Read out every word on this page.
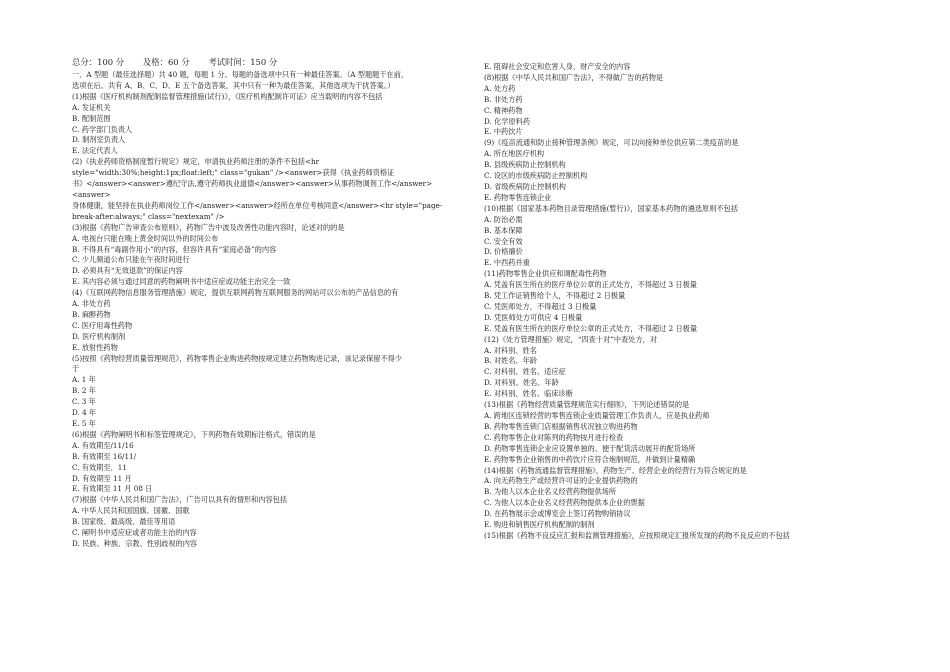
总分：100 分 及格：60 分 考试时间：150 分
一、A 型题（最佳选择题）共 40 题，每题 1 分。每题的备选项中只有一种最佳答案。（A 型题题干在前，
选项在后。共有 A、B、C、D、E 五个备选答案，其中只有一种为最佳答案，其他选项为干扰答案。）
(1)根据《医疗机构制剂配制监督管理措施(试行)》，《医疗机构配制许可证》应当载明的内容不包括
A. 发证机关
B. 配制范围
C. 药学部门负责人
D. 制剂室负责人
E. 法定代表人
(2)《执业药师资格制度暂行规定》规定，申请执业药师注册的条件不包括<hr
style="width:30%;height:1px;float:left;" class="gukan" /><answer>获得《执业药师资格证
书》</answer><answer>遵纪守法,遵守药师执业道德</answer><answer>从事药物调剂工作</answer><answer>
身体健康，能坚持在执业药师岗位工作</answer><answer>经所在单位考核同意</answer><hr style="page-
break-after:always;" class="nextexam" />
(3)根据《药物广告审查公布原则》，药物广告中波及改善性功能内容时，论述对的的是
A. 电视台只能在晚上黄金时间以外的时间公布
B. 不得具有“毒副作用小”的内容，但容许具有“家庭必备”的内容
C. 少儿频道公布只能在午夜时间进行
D. 必须具有“无效退款”的保证内容
E. 其内容必须与通过同意的药物阐明书中适应症或功能主治完全一致
(4)《互联网药物信息服务管理措施》规定，提供互联网药物互联网服务的网站可以公布的产品信息的有
A. 非处方药
B. 麻醉药物
C. 医疗用毒性药物
D. 医疗机构制剂
E. 放射性药物
(5)按照《药物经营质量管理规范》，药物零售企业购进药物按规定建立药物购进记录，该记录保留不得少
于
A. 1 年
B. 2 年
C. 3 年
D. 4 年
E. 5 年
(6)根据《药物阐明书和标签管理规定》，下列药物有效期标注格式，错误的是
A. 有效期至/11/16
B. 有效期至 16/11/
C. 有效期至．11
D. 有效期至 11 月
E. 有效期至 11 月 08 日
(7)根据《中华人民共和国广告法》，广告可以具有的情形和内容包括
A. 中华人民共和国国旗、国徽、国歌
B. 国家级、最高级、最佳等用语
C. 阐明书中适应症或者功能主治的内容
D. 民族、种族、宗教、性别歧视的内容
E. 阻碍社会安定和危害人身、财产安全的内容
(8)根据《中华人民共和国广告法》，不得做广告的药物是
A. 处方药
B. 非处方药
C. 精神药物
D. 化学原料药
E. 中药饮片
(9)《疫苗流通和防止接种管理条例》规定，可以向接种单位供应第二类疫苗的是
A. 所在地医疗机构
B. 县级疾病防止控制机构
C. 设区的市级疾病防止控制机构
D. 省级疾病防止控制机构
E. 药物零售连锁企业
(10)根据《国家基本药物目录管理措施(暂行)》，国家基本药物的遴选原则不包括
A. 防治必需
B. 基本保障
C. 安全有效
D. 价格廉价
E. 中西药并重
(11)药物零售企业供应和调配毒性药物
A. 凭盖有医生所在的医疗单位公章的正式处方，不得超过 3 日极量
B. 凭工作证销售给个人，不得超过 2 日极量
C. 凭医师处方，不得超过 3 日极量
D. 凭医师处方可供应 4 日极量
E. 凭盖有医生所在的医疗单位公章的正式处方，不得超过 2 日极量
(12)《处方管理措施》规定，“四查十对”中查处方，对
A. 对科别、姓名
B. 对姓名、年龄
C. 对科别、姓名、适应症
D. 对科别、姓名、年龄
E. 对科别、姓名、临床诊断
(13)根据《药物经营质量管理规范实行细则》，下列论述错误的是
A. 跨地区连锁经营的零售连锁企业质量管理工作负责人，应是执业药师
B. 药物零售连锁门店根据销售状况独立购进药物
C. 药物零售企业对陈列的药物按月进行检查
D. 药物零售连锁企业应设置单独的、便于配货活动展开的配货场所
E. 药物零售企业销售的中药饮片应符合炮制规范，并做到计量精确
(14)根据《药物流通监督管理措施》，药物生产、经营企业的经营行为符合规定的是
A. 向无药物生产或经营许可证的企业提供药物的
B. 为他人以本企业名义经营药物提供场所
C. 为他人以本企业名义经营药物提供本企业的票据
D. 在药物展示会或博览会上签订药物购销协议
E. 购进和销售医疗机构配制的制剂
(15)根据《药物不良反应汇报和监测管理措施》，应按照规定汇报所发现的药物不良反应的不包括
